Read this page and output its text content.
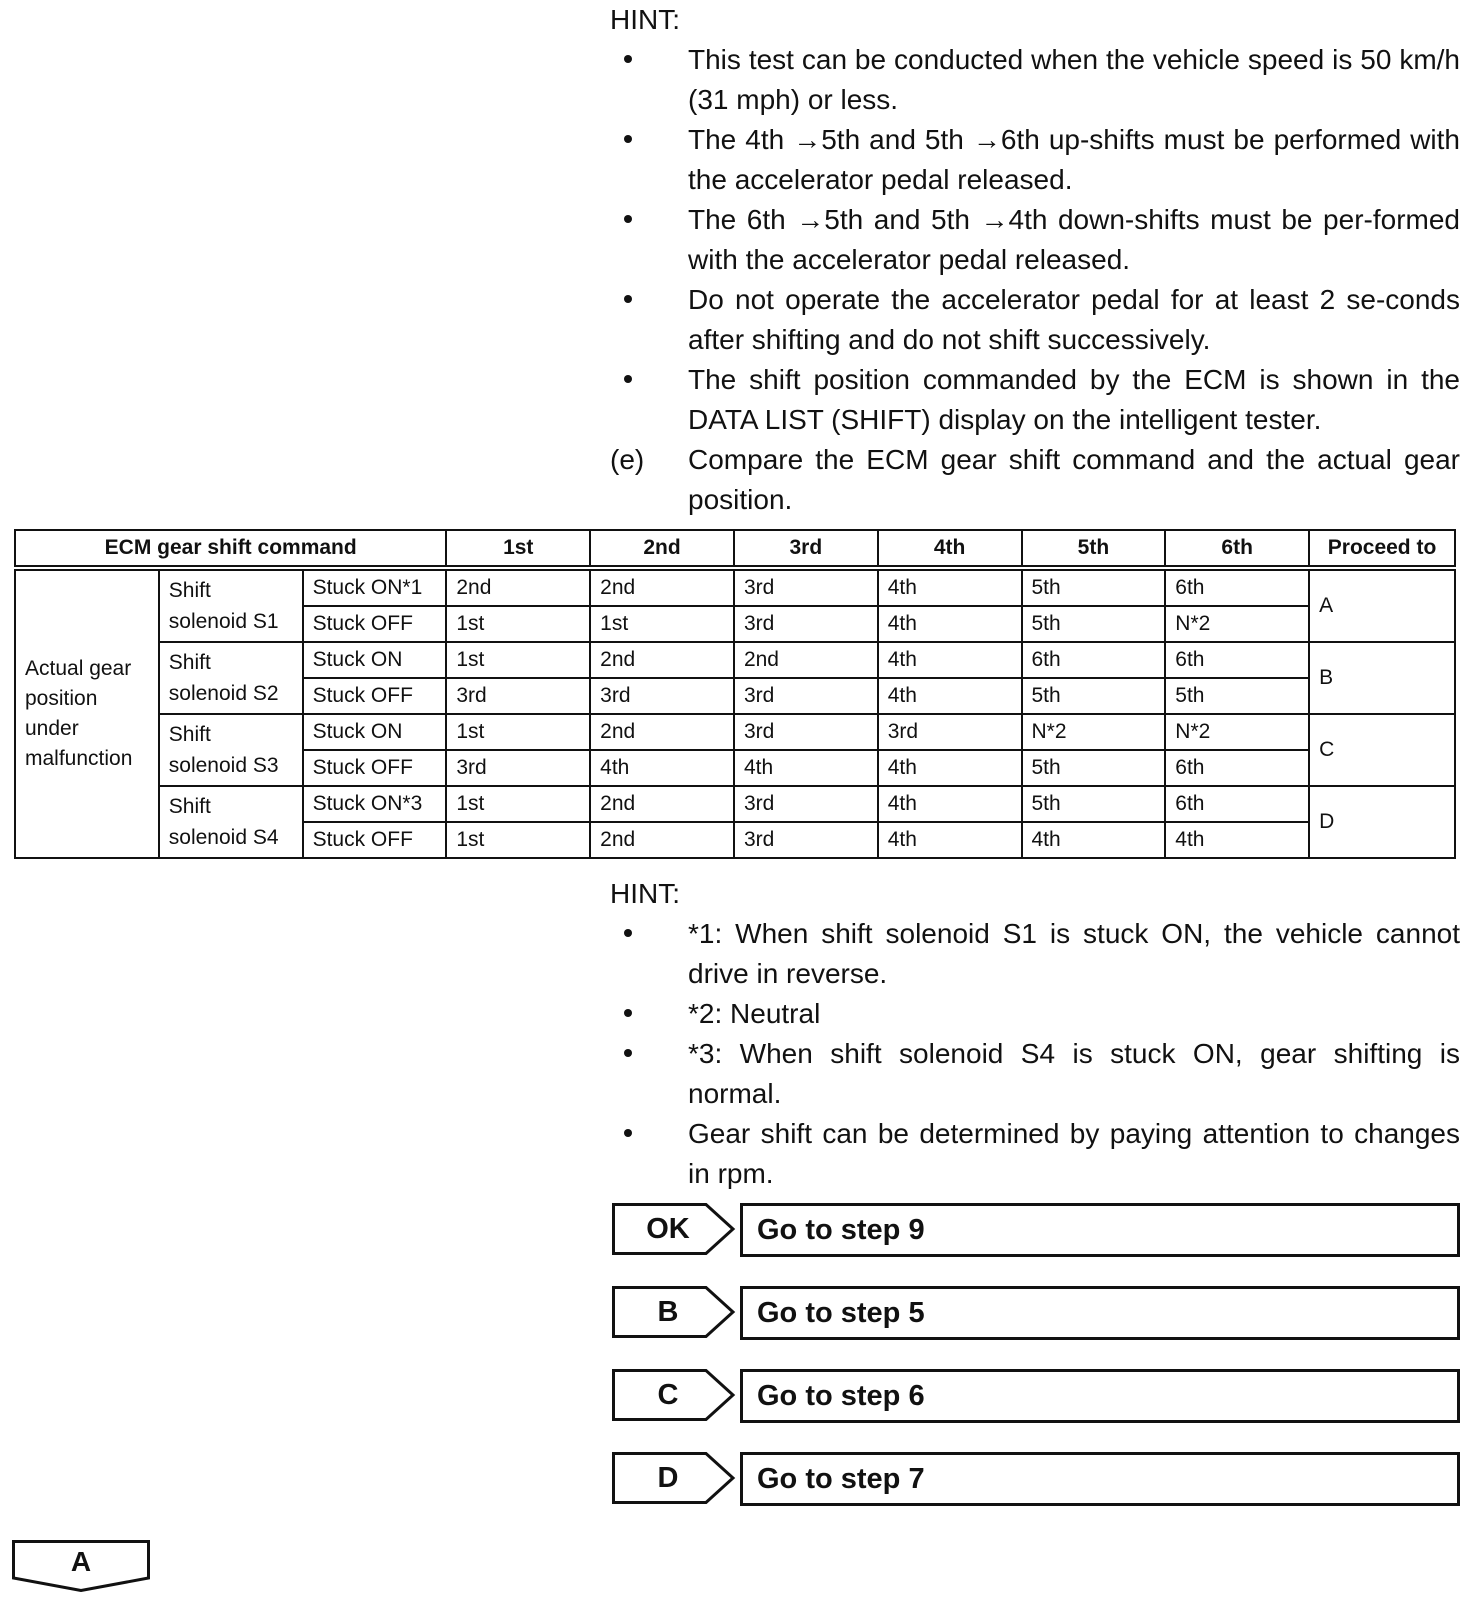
HINT:
This test can be conducted when the vehicle speed is 50 km/h (31 mph) or less.
The 4th →5th and 5th →6th up-shifts must be performed with the accelerator pedal released.
The 6th →5th and 5th →4th down-shifts must be per-formed with the accelerator pedal released.
Do not operate the accelerator pedal for at least 2 se-conds after shifting and do not shift successively.
The shift position commanded by the ECM is shown in the DATA LIST (SHIFT) display on the intelligent tester.
(e) Compare the ECM gear shift command and the actual gear position.
ECM gear shift command			1st	2nd	3rd	4th	5th	6th	Proceed to
Actual gear position under malfunction	Shift solenoid S1	Stuck ON*1	2nd	2nd	3rd	4th	5th	6th	A
		Stuck OFF	1st	1st	3rd	4th	5th	N*2	
	Shift solenoid S2	Stuck ON	1st	2nd	2nd	4th	6th	6th	B
		Stuck OFF	3rd	3rd	3rd	4th	5th	5th	
	Shift solenoid S3	Stuck ON	1st	2nd	3rd	3rd	N*2	N*2	C
		Stuck OFF	3rd	4th	4th	4th	5th	6th	
	Shift solenoid S4	Stuck ON*3	1st	2nd	3rd	4th	5th	6th	D
		Stuck OFF	1st	2nd	3rd	4th	4th	4th	
HINT:
*1: When shift solenoid S1 is stuck ON, the vehicle cannot drive in reverse.
*2: Neutral
*3: When shift solenoid S4 is stuck ON, gear shifting is normal.
Gear shift can be determined by paying attention to changes in rpm.
OK	Go to step 9
B	Go to step 5
C	Go to step 6
D	Go to step 7
A
